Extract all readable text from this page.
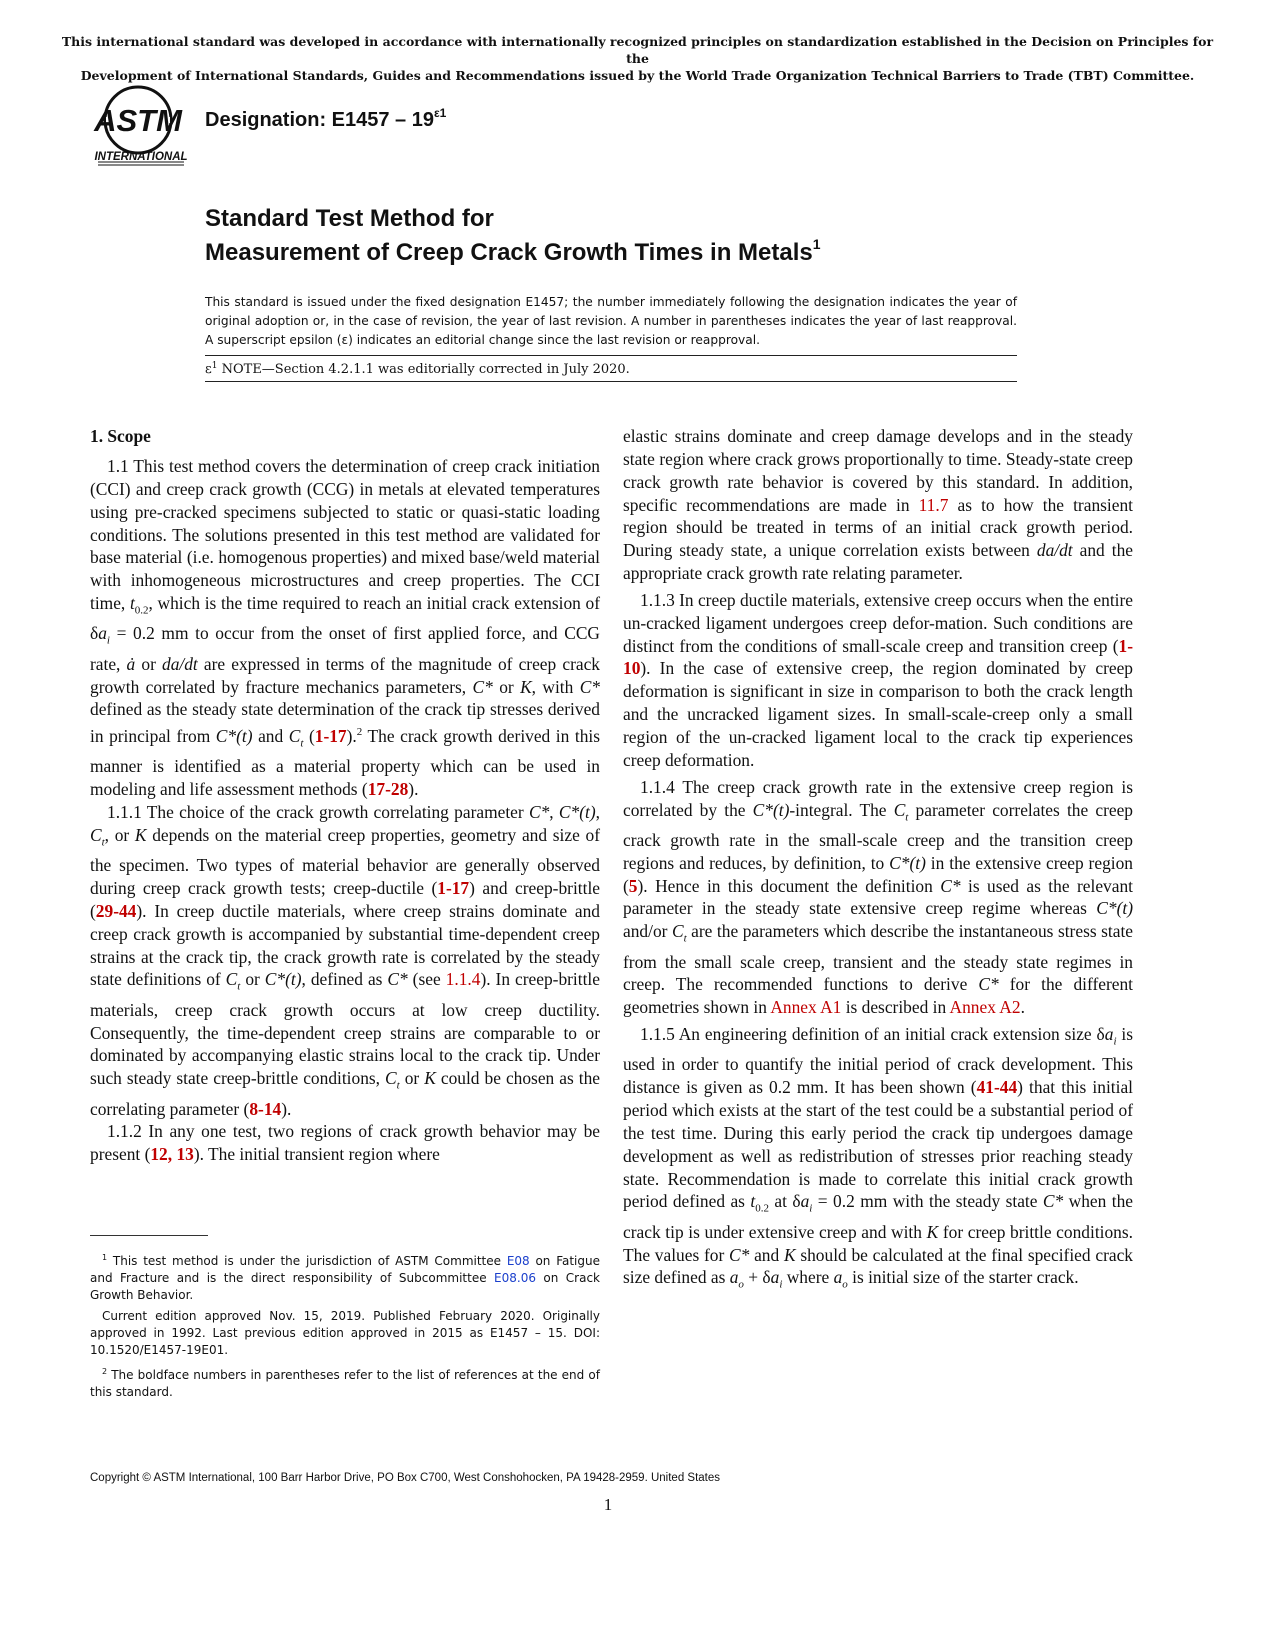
This international standard was developed in accordance with internationally recognized principles on standardization established in the Decision on Principles for the
Development of International Standards, Guides and Recommendations issued by the World Trade Organization Technical Barriers to Trade (TBT) Committee.
ASTM
INTERNATIONAL
Designation: $E1457 - 19^{\varepsilon 1}$
Standard Test Method for
Measurement of Creep Crack Growth Times in Metals$^1$
This standard is issued under the fixed designation E1457; the number immediately following the designation indicates the year of original adoption or, in the case of revision, the year of last revision. A number in parentheses indicates the year of last reapproval. A superscript epsilon (ε) indicates an editorial change since the last revision or reapproval.
$\varepsilon^1$ NOTE—Section 4.2.1.1 was editorially corrected in July 2020.
1. Scope

1.1 This test method covers the determination of creep crack initiation (CCI) and creep crack growth (CCG) in metals at elevated temperatures using pre-cracked specimens subjected to static or quasi-static loading conditions. The solutions presented in this test method are validated for base material (i.e. homogenous properties) and mixed base/weld material with inhomogeneous microstructures and creep properties. The CCI time, $t_{0.2}$, which is the time required to reach an initial crack extension of $\delta a_i = 0.2$ mm to occur from the onset of first applied force, and CCG rate, ȧ or da/dt are expressed in terms of the magnitude of creep crack growth correlated by fracture mechanics parameters, C* or K, with C* defined as the steady state determination of the crack tip stresses derived in principal from C*(t) and $C_t$ (1-17).$^2$ The crack growth derived in this manner is identified as a material property which can be used in modeling and life assessment methods (17-28).

1.1.1 The choice of the crack growth correlating parameter C*, C*(t), $C_t$, or K depends on the material creep properties, geometry and size of the specimen. Two types of material behavior are generally observed during creep crack growth tests; creep-ductile (1-17) and creep-brittle (29-44). In creep ductile materials, where creep strains dominate and creep crack growth is accompanied by substantial time-dependent creep strains at the crack tip, the crack growth rate is correlated by the steady state definitions of $C_t$ or C*(t), defined as C* (see 1.1.4). In creep-brittle materials, creep crack growth occurs at low creep ductility. Consequently, the time-dependent creep strains are comparable to or dominated by accompanying elastic strains local to the crack tip. Under such steady state creep-brittle conditions, $C_t$ or K could be chosen as the correlating parameter (8-14).

1.1.2 In any one test, two regions of crack growth behavior may be present (12, 13). The initial transient region where

$^1$ This test method is under the jurisdiction of ASTM Committee E08 on Fatigue and Fracture and is the direct responsibility of Subcommittee E08.06 on Crack Growth Behavior.

Current edition approved Nov. 15, 2019. Published February 2020. Originally approved in 1992. Last previous edition approved in 2015 as E1457 – 15. DOI: 10.1520/E1457-19E01.

$^2$ The boldface numbers in parentheses refer to the list of references at the end of this standard.

elastic strains dominate and creep damage develops and in the steady state region where crack grows proportionally to time. Steady-state creep crack growth rate behavior is covered by this standard. In addition, specific recommendations are made in 11.7 as to how the transient region should be treated in terms of an initial crack growth period. During steady state, a unique correlation exists between da/dt and the appropriate crack growth rate relating parameter.

1.1.3 In creep ductile materials, extensive creep occurs when the entire un-cracked ligament undergoes creep defor-mation. Such conditions are distinct from the conditions of small-scale creep and transition creep (1-10). In the case of extensive creep, the region dominated by creep deformation is significant in size in comparison to both the crack length and the uncracked ligament sizes. In small-scale-creep only a small region of the un-cracked ligament local to the crack tip experiences creep deformation.

1.1.4 The creep crack growth rate in the extensive creep region is correlated by the C*(t)-integral. The $C_t$ parameter correlates the creep crack growth rate in the small-scale creep and the transition creep regions and reduces, by definition, to C*(t) in the extensive creep region (5). Hence in this document the definition C* is used as the relevant parameter in the steady state extensive creep regime whereas C*(t) and/or $C_t$ are the parameters which describe the instantaneous stress state from the small scale creep, transient and the steady state regimes in creep. The recommended functions to derive C* for the different geometries shown in Annex A1 is described in Annex A2.

1.1.5 An engineering definition of an initial crack extension size $\delta a_i$ is used in order to quantify the initial period of crack development. This distance is given as 0.2 mm. It has been shown (41-44) that this initial period which exists at the start of the test could be a substantial period of the test time. During this early period the crack tip undergoes damage development as well as redistribution of stresses prior reaching steady state. Recommendation is made to correlate this initial crack growth period defined as $t_{0.2}$ at $\delta a_i = 0.2$ mm with the steady state C* when the crack tip is under extensive creep and with K for creep brittle conditions. The values for C* and K should be calculated at the final specified crack size defined as $a_o + \delta a_i$ where $a_o$ is initial size of the starter crack.

Copyright © ASTM International, 100 Barr Harbor Drive, PO Box C700, West Conshohocken, PA 19428-2959. United States
1
